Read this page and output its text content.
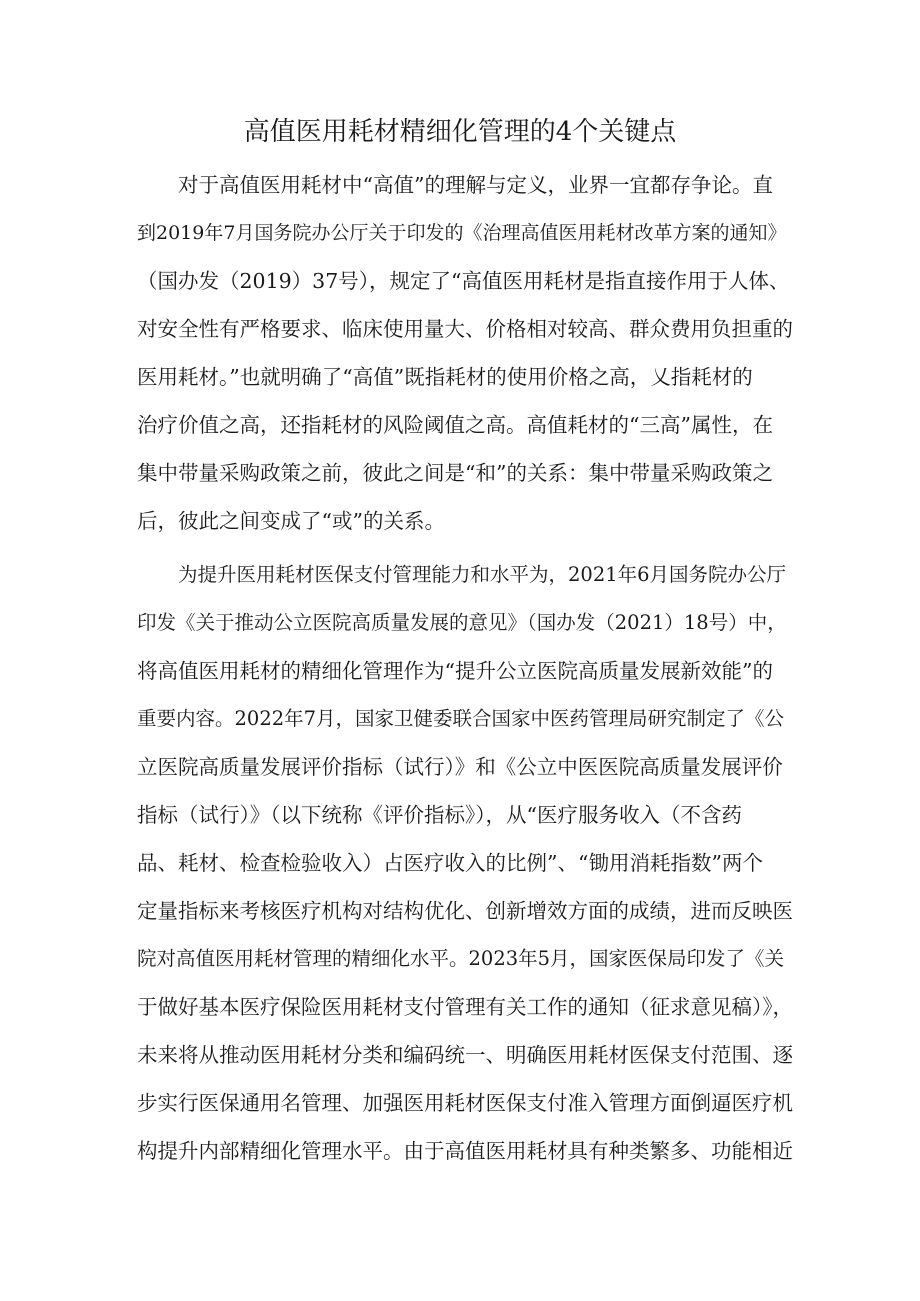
高值医用耗材精细化管理的4个关键点
对于高值医用耗材中“高值”的理解与定义，业界一宜都存争论。直
到2019年7月国务院办公厅关于印发的《治理高值医用耗材改革方案的通知》
（国办发（2019）37号），规定了“高值医用耗材是指直接作用于人体、
对安全性有严格要求、临床使用量大、价格相对较高、群众费用负担重的
医用耗材。”也就明确了“高值”既指耗材的使用价格之高，乂指耗材的
治疗价值之高，还指耗材的风险阈值之高。高值耗材的“三高”属性，在
集中带量采购政策之前，彼此之间是“和”的关系：集中带量采购政策之
后，彼此之间变成了“或”的关系。
为提升医用耗材医保支付管理能力和水平为，2021年6月国务院办公厅
印发《关于推动公立医院高质量发展的意见》（国办发（2021）18号）中，
将高值医用耗材的精细化管理作为“提升公立医院高质量发展新效能”的
重要内容。2022年7月，国家卫健委联合国家中医药管理局研究制定了《公
立医院高质量发展评价指标（试行）》和《公立中医医院高质量发展评价
指标（试行）》（以下统称《评价指标》），从“医疗服务收入（不含药
品、耗材、检查检验收入）占医疗收入的比例”、“锄用消耗指数”两个
定量指标来考核医疗机构对结构优化、创新增效方面的成绩，进而反映医
院对高值医用耗材管理的精细化水平。2023年5月，国家医保局印发了《关
于做好基本医疗保险医用耗材支付管理有关工作的通知（征求意见稿）》，
未来将从推动医用耗材分类和编码统一、明确医用耗材医保支付范围、逐
步实行医保通用名管理、加强医用耗材医保支付准入管理方面倒逼医疗机
构提升内部精细化管理水平。由于高值医用耗材具有种类繁多、功能相近
